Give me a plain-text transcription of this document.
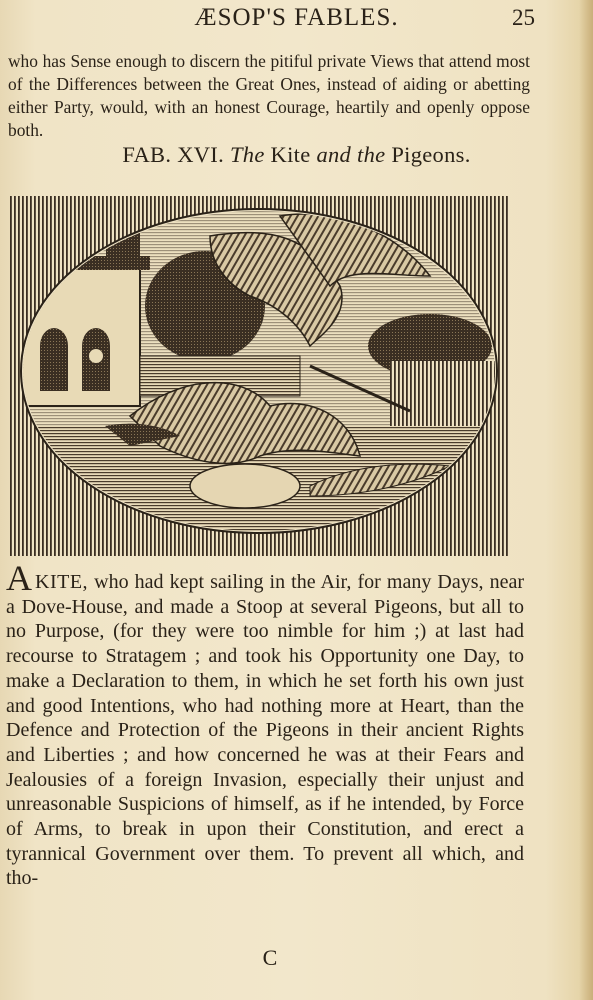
ÆSOP'S FABLES.	25

who has Sense enough to discern the pitiful private Views that attend most of the Differences between the Great Ones, instead of aiding or abetting either Party, would, with an honest Courage, heartily and openly oppose both.

FAB. XVI. The Kite and the Pigeons.

AKITE, who had kept sailing in the Air, for many Days, near a Dove-House, and made a Stoop at several Pigeons, but all to no Purpose, (for they were too nimble for him ;) at last had recourse to Stratagem ; and took his Opportunity one Day, to make a Declaration to them, in which he set forth his own just and good Intentions, who had nothing more at Heart, than the Defence and Protection of the Pigeons in their ancient Rights and Liberties ; and how concerned he was at their Fears and Jealousies of a foreign Invasion, especially their unjust and unreasonable Suspicions of himself, as if he intended, by Force of Arms, to break in upon their Constitution, and erect a tyrannical Government over them. To prevent all which, and tho-

C
